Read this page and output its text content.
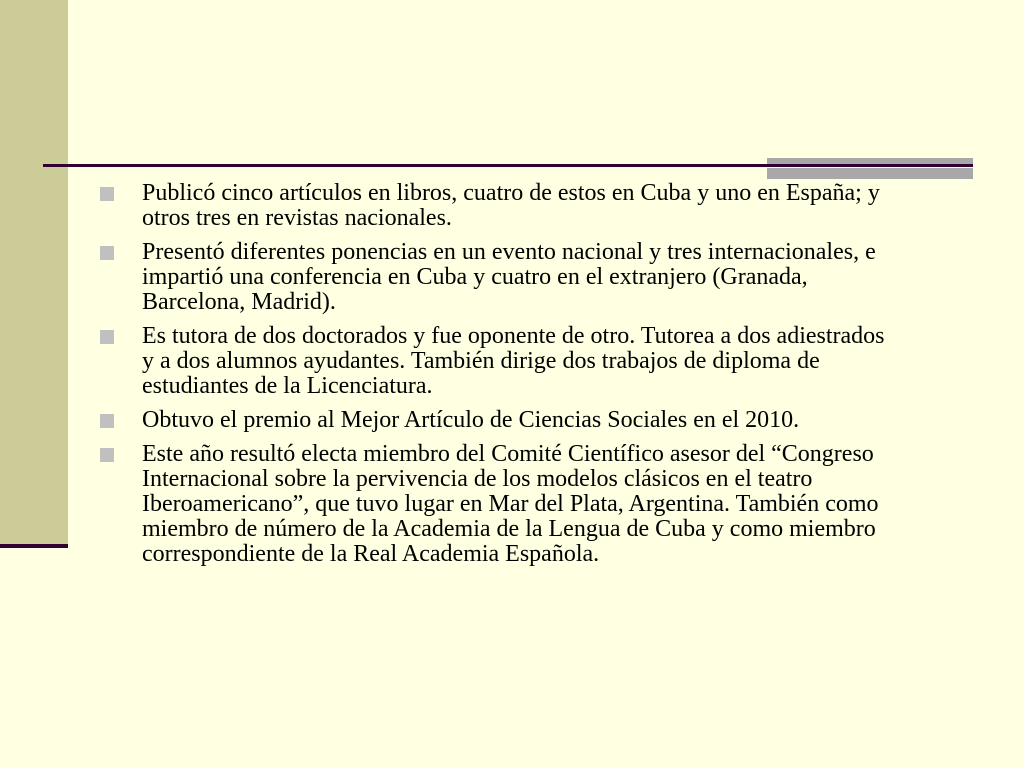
Publicó cinco artículos en libros, cuatro de estos en Cuba y uno en España; y otros tres en revistas nacionales.
Presentó diferentes ponencias en un evento nacional y tres internacionales, e impartió una conferencia en Cuba y cuatro en el extranjero (Granada, Barcelona, Madrid).
Es tutora de dos doctorados y fue oponente de otro. Tutorea a dos adiestrados y a dos alumnos ayudantes. También dirige dos trabajos de diploma de estudiantes de la Licenciatura.
Obtuvo el premio al Mejor Artículo de Ciencias Sociales en el 2010.
Este año resultó electa miembro del Comité Científico asesor del “Congreso Internacional sobre la pervivencia de los modelos clásicos en el teatro Iberoamericano”, que tuvo lugar en Mar del Plata, Argentina. También como miembro de número de la Academia de la Lengua de Cuba y como miembro correspondiente de la Real Academia Española.
